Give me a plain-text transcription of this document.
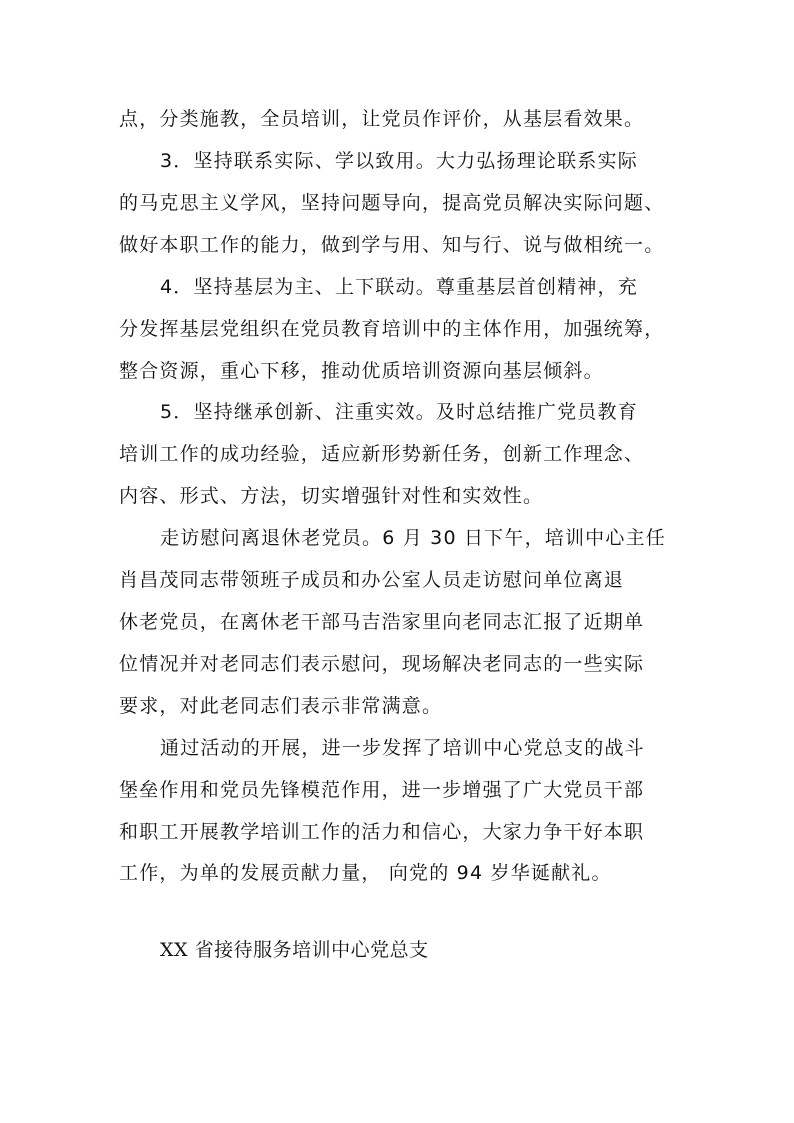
点，分类施教，全员培训，让党员作评价，从基层看效果。
3．坚持联系实际、学以致用。大力弘扬理论联系实际
的马克思主义学风，坚持问题导向，提高党员解决实际问题、
做好本职工作的能力，做到学与用、知与行、说与做相统一。
4．坚持基层为主、上下联动。尊重基层首创精神，充
分发挥基层党组织在党员教育培训中的主体作用，加强统筹，
整合资源，重心下移，推动优质培训资源向基层倾斜。
5．坚持继承创新、注重实效。及时总结推广党员教育
培训工作的成功经验，适应新形势新任务，创新工作理念、
内容、形式、方法，切实增强针对性和实效性。
走访慰问离退休老党员。6 月 30 日下午，培训中心主任
肖昌茂同志带领班子成员和办公室人员走访慰问单位离退
休老党员，在离休老干部马吉浩家里向老同志汇报了近期单
位情况并对老同志们表示慰问，现场解决老同志的一些实际
要求，对此老同志们表示非常满意。
通过活动的开展，进一步发挥了培训中心党总支的战斗
堡垒作用和党员先锋模范作用，进一步增强了广大党员干部
和职工开展教学培训工作的活力和信心，大家力争干好本职
工作，为单的发展贡献力量， 向党的 94 岁华诞献礼。
XX 省接待服务培训中心党总支
